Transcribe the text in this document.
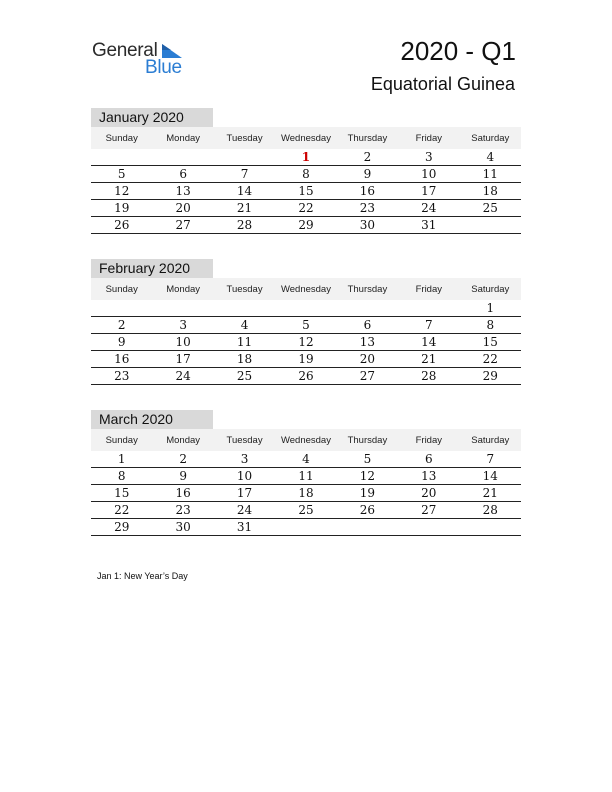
General
Blue
2020 - Q1
Equatorial Guinea
January 2020
Sunday	Monday	Tuesday	Wednesday	Thursday	Friday	Saturday
			1	2	3	4
5	6	7	8	9	10	11
12	13	14	15	16	17	18
19	20	21	22	23	24	25
26	27	28	29	30	31	
February 2020
Sunday	Monday	Tuesday	Wednesday	Thursday	Friday	Saturday
						1
2	3	4	5	6	7	8
9	10	11	12	13	14	15
16	17	18	19	20	21	22
23	24	25	26	27	28	29
March 2020
Sunday	Monday	Tuesday	Wednesday	Thursday	Friday	Saturday
1	2	3	4	5	6	7
8	9	10	11	12	13	14
15	16	17	18	19	20	21
22	23	24	25	26	27	28
29	30	31				
Jan 1: New Year’s Day
